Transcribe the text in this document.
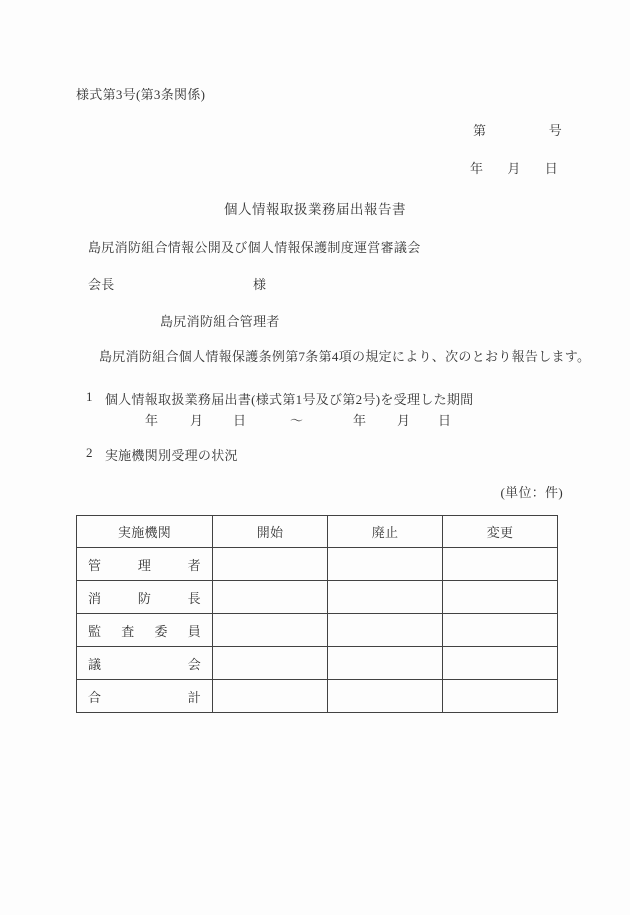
様式第3号(第3条関係)
第	号
年 月 日
個人情報取扱業務届出報告書
島尻消防組合情報公開及び個人情報保護制度運営審議会
会長	様
島尻消防組合管理者
島尻消防組合個人情報保護条例第7条第4項の規定により、次のとおり報告します。
1 個人情報取扱業務届出書(様式第1号及び第2号)を受理した期間
年 月 日	～	年 月 日
2 実施機関別受理の状況
(単位：件)
実施機関	開始	廃止	変更
管　理　者			
消　防　長			
監　査　委　員			
議　　会			
合　　計			
